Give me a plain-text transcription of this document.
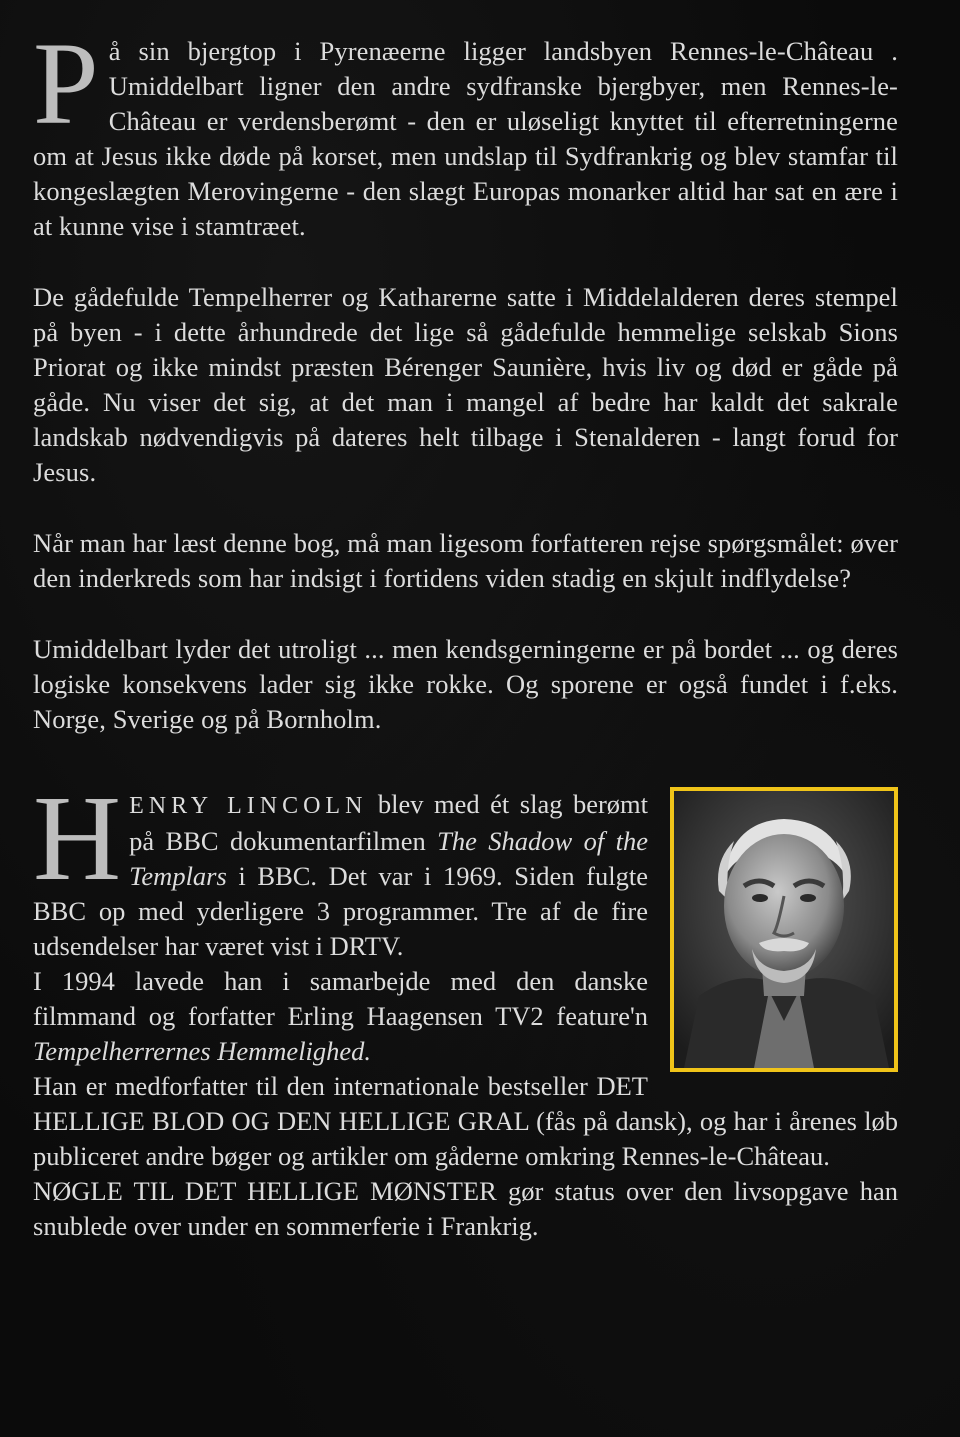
På sin bjergtop i Pyrenæerne ligger landsbyen Rennes-le-Château . Umiddelbart ligner den andre sydfranske bjergbyer, men Rennes-le-Château er verdensberømt - den er uløseligt knyttet til efterretningerne om at Jesus ikke døde på korset, men undslap til Sydfrankrig og blev stamfar til kongeslægten Merovingerne - den slægt Europas monarker altid har sat en ære i at kunne vise i stamtræet.

De gådefulde Tempelherrer og Katharerne satte i Middelalderen deres stempel på byen - i dette århundrede det lige så gådefulde hemmelige selskab Sions Priorat og ikke mindst præsten Bérenger Saunière, hvis liv og død er gåde på gåde. Nu viser det sig, at det man i mangel af bedre har kaldt det sakrale landskab nødvendigvis på dateres helt tilbage i Stenalderen - langt forud for Jesus.

Når man har læst denne bog, må man ligesom forfatteren rejse spørgsmålet: øver den inderkreds som har indsigt i fortidens viden stadig en skjult indflydelse?

Umiddelbart lyder det utroligt ... men kendsgerningerne er på bordet ... og deres logiske konsekvens lader sig ikke rokke. Og sporene er også fundet i f.eks. Norge, Sverige og på Bornholm.

H ENRY LINCOLN blev med ét slag berømt på BBC dokumentarfilmen The Shadow of the Templars i BBC. Det var i 1969. Siden fulgte BBC op med yderligere 3 programmer. Tre af de fire udsendelser har været vist i DRTV.
I 1994 lavede han i samarbejde med den danske filmmand og forfatter Erling Haagensen TV2 feature'n Tempelherrernes Hemmelighed.
Han er medforfatter til den internationale bestseller DET HELLIGE BLOD OG DEN HELLIGE GRAL (fås på dansk), og har i årenes løb publiceret andre bøger og artikler om gåderne omkring Rennes-le-Château.
NØGLE TIL DET HELLIGE MØNSTER gør status over den livsopgave han snublede over under en sommerferie i Frankrig.
